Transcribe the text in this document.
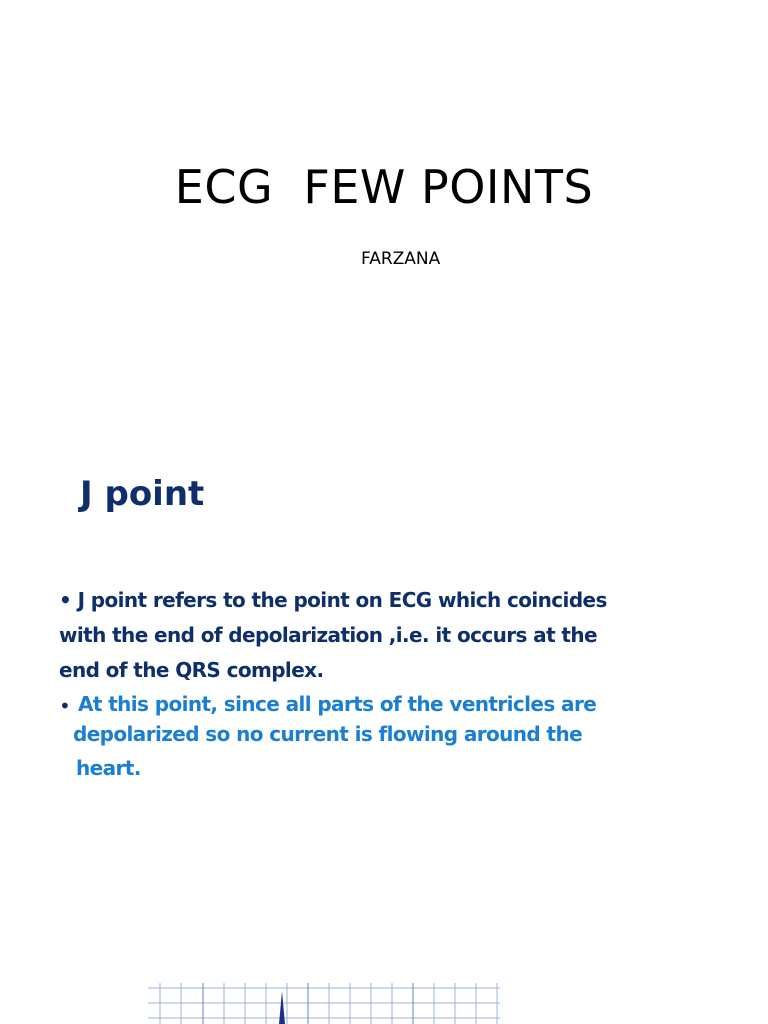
ECG  FEW POINTS
FARZANA
J point
• J point refers to the point on ECG which coincides with the end of depolarization ,i.e. it occurs at the end of the QRS complex.
• At this point, since all parts of the ventricles are
depolarized so no current is flowing around the
heart.
